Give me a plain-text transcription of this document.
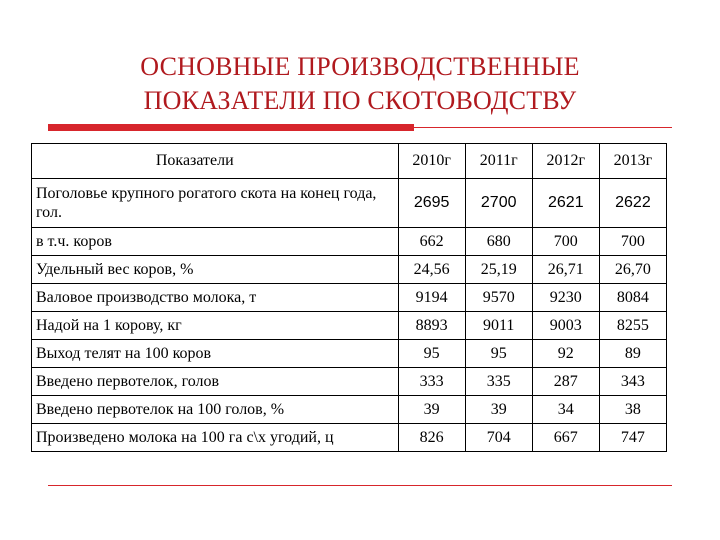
ОСНОВНЫЕ ПРОИЗВОДСТВЕННЫЕ
ПОКАЗАТЕЛИ ПО СКОТОВОДСТВУ
Показатели	2010г	2011г	2012г	2013г
Поголовье крупного рогатого скота на конец года, гол.	2695	2700	2621	2622
в т.ч. коров	662	680	700	700
Удельный вес коров, %	24,56	25,19	26,71	26,70
Валовое производство молока, т	9194	9570	9230	8084
Надой на 1 корову, кг	8893	9011	9003	8255
Выход телят на 100 коров	95	95	92	89
Введено первотелок, голов	333	335	287	343
Введено первотелок на 100 голов, %	39	39	34	38
Произведено молока на 100 га с\х угодий, ц	826	704	667	747
